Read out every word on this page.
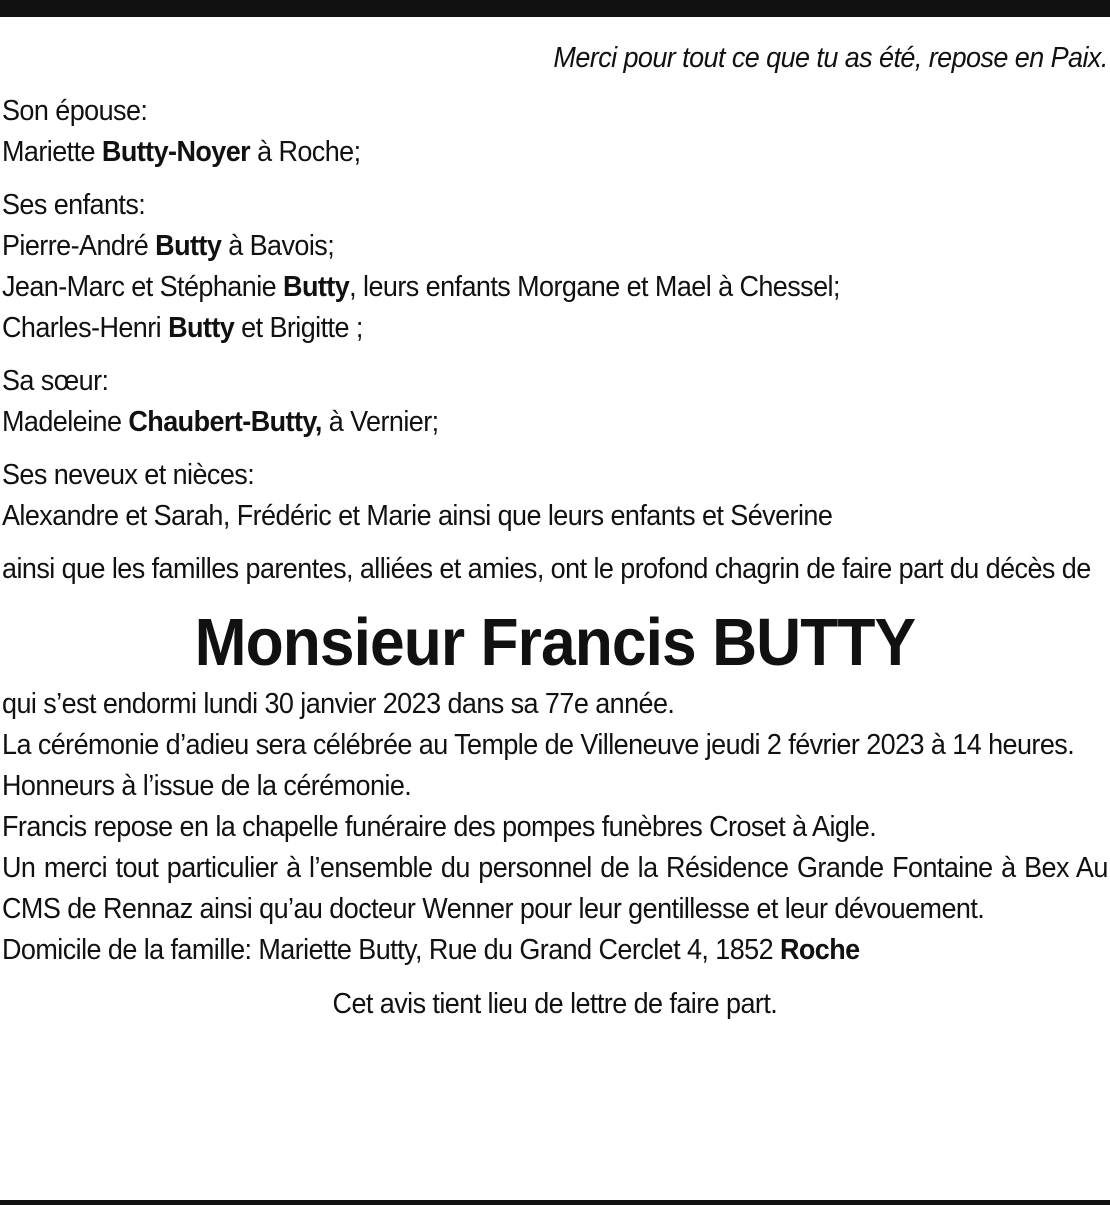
Merci pour tout ce que tu as été, repose en Paix.

Son épouse:

Mariette Butty-Noyer à Roche;

Ses enfants:

Pierre-André Butty à Bavois;

Jean-Marc et Stéphanie Butty, leurs enfants Morgane et Mael à Chessel;

Charles-Henri Butty et Brigitte ;

Sa sœur:

Madeleine Chaubert-Butty, à Vernier;

Ses neveux et nièces:

Alexandre et Sarah, Frédéric et Marie ainsi que leurs enfants et Séverine

ainsi que les familles parentes, alliées et amies, ont le profond chagrin de faire part du décès de

Monsieur Francis BUTTY

qui s’est endormi lundi 30 janvier 2023 dans sa 77e année.

La cérémonie d’adieu sera célébrée au Temple de Villeneuve jeudi 2 février 2023 à 14 heures.

Honneurs à l’issue de la cérémonie.

Francis repose en la chapelle funéraire des pompes funèbres Croset à Aigle.

Un merci tout particulier à l’ensemble du personnel de la Résidence Grande Fontaine à Bex Au CMS de Rennaz ainsi qu’au docteur Wenner pour leur gentillesse et leur dévouement.

Domicile de la famille: Mariette Butty, Rue du Grand Cerclet 4, 1852 Roche

Cet avis tient lieu de lettre de faire part.
